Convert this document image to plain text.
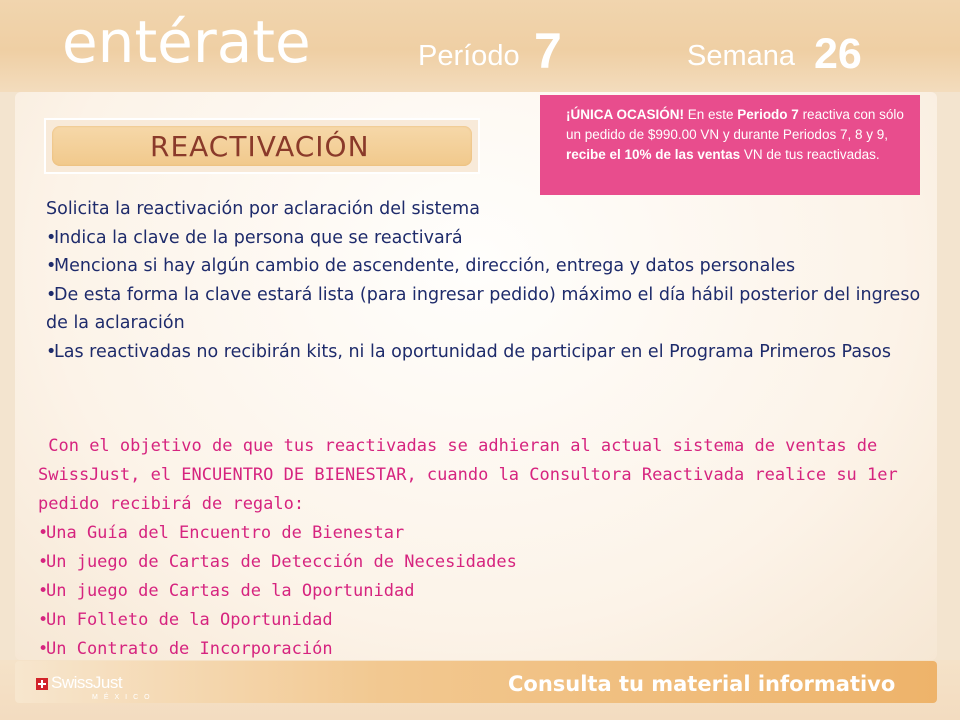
entérate	Período 7	Semana 26
REACTIVACIÓN
¡ÚNICA OCASIÓN! En este Periodo 7 reactiva con sólo un pedido de $990.00 VN y durante Periodos 7, 8 y 9, recibe el 10% de las ventas VN de tus reactivadas.

Solicita la reactivación por aclaración del sistema

•Indica la clave de la persona que se reactivará

•Menciona si hay algún cambio de ascendente, dirección, entrega y datos personales

•De esta forma la clave estará lista (para ingresar pedido) máximo el día hábil posterior del ingreso de la aclaración

•Las reactivadas no recibirán kits, ni la oportunidad de participar en el Programa Primeros Pasos

Con el objetivo de que tus reactivadas se adhieran al actual sistema de ventas de SwissJust, el ENCUENTRO DE BIENESTAR, cuando la Consultora Reactivada realice su 1er pedido recibirá de regalo:

•Una Guía del Encuentro de Bienestar

•Un juego de Cartas de Detección de Necesidades

•Un juego de Cartas de la Oportunidad

•Un Folleto de la Oportunidad

•Un Contrato de Incorporación

SwissJust
MÉXICO
Consulta tu material informativo
